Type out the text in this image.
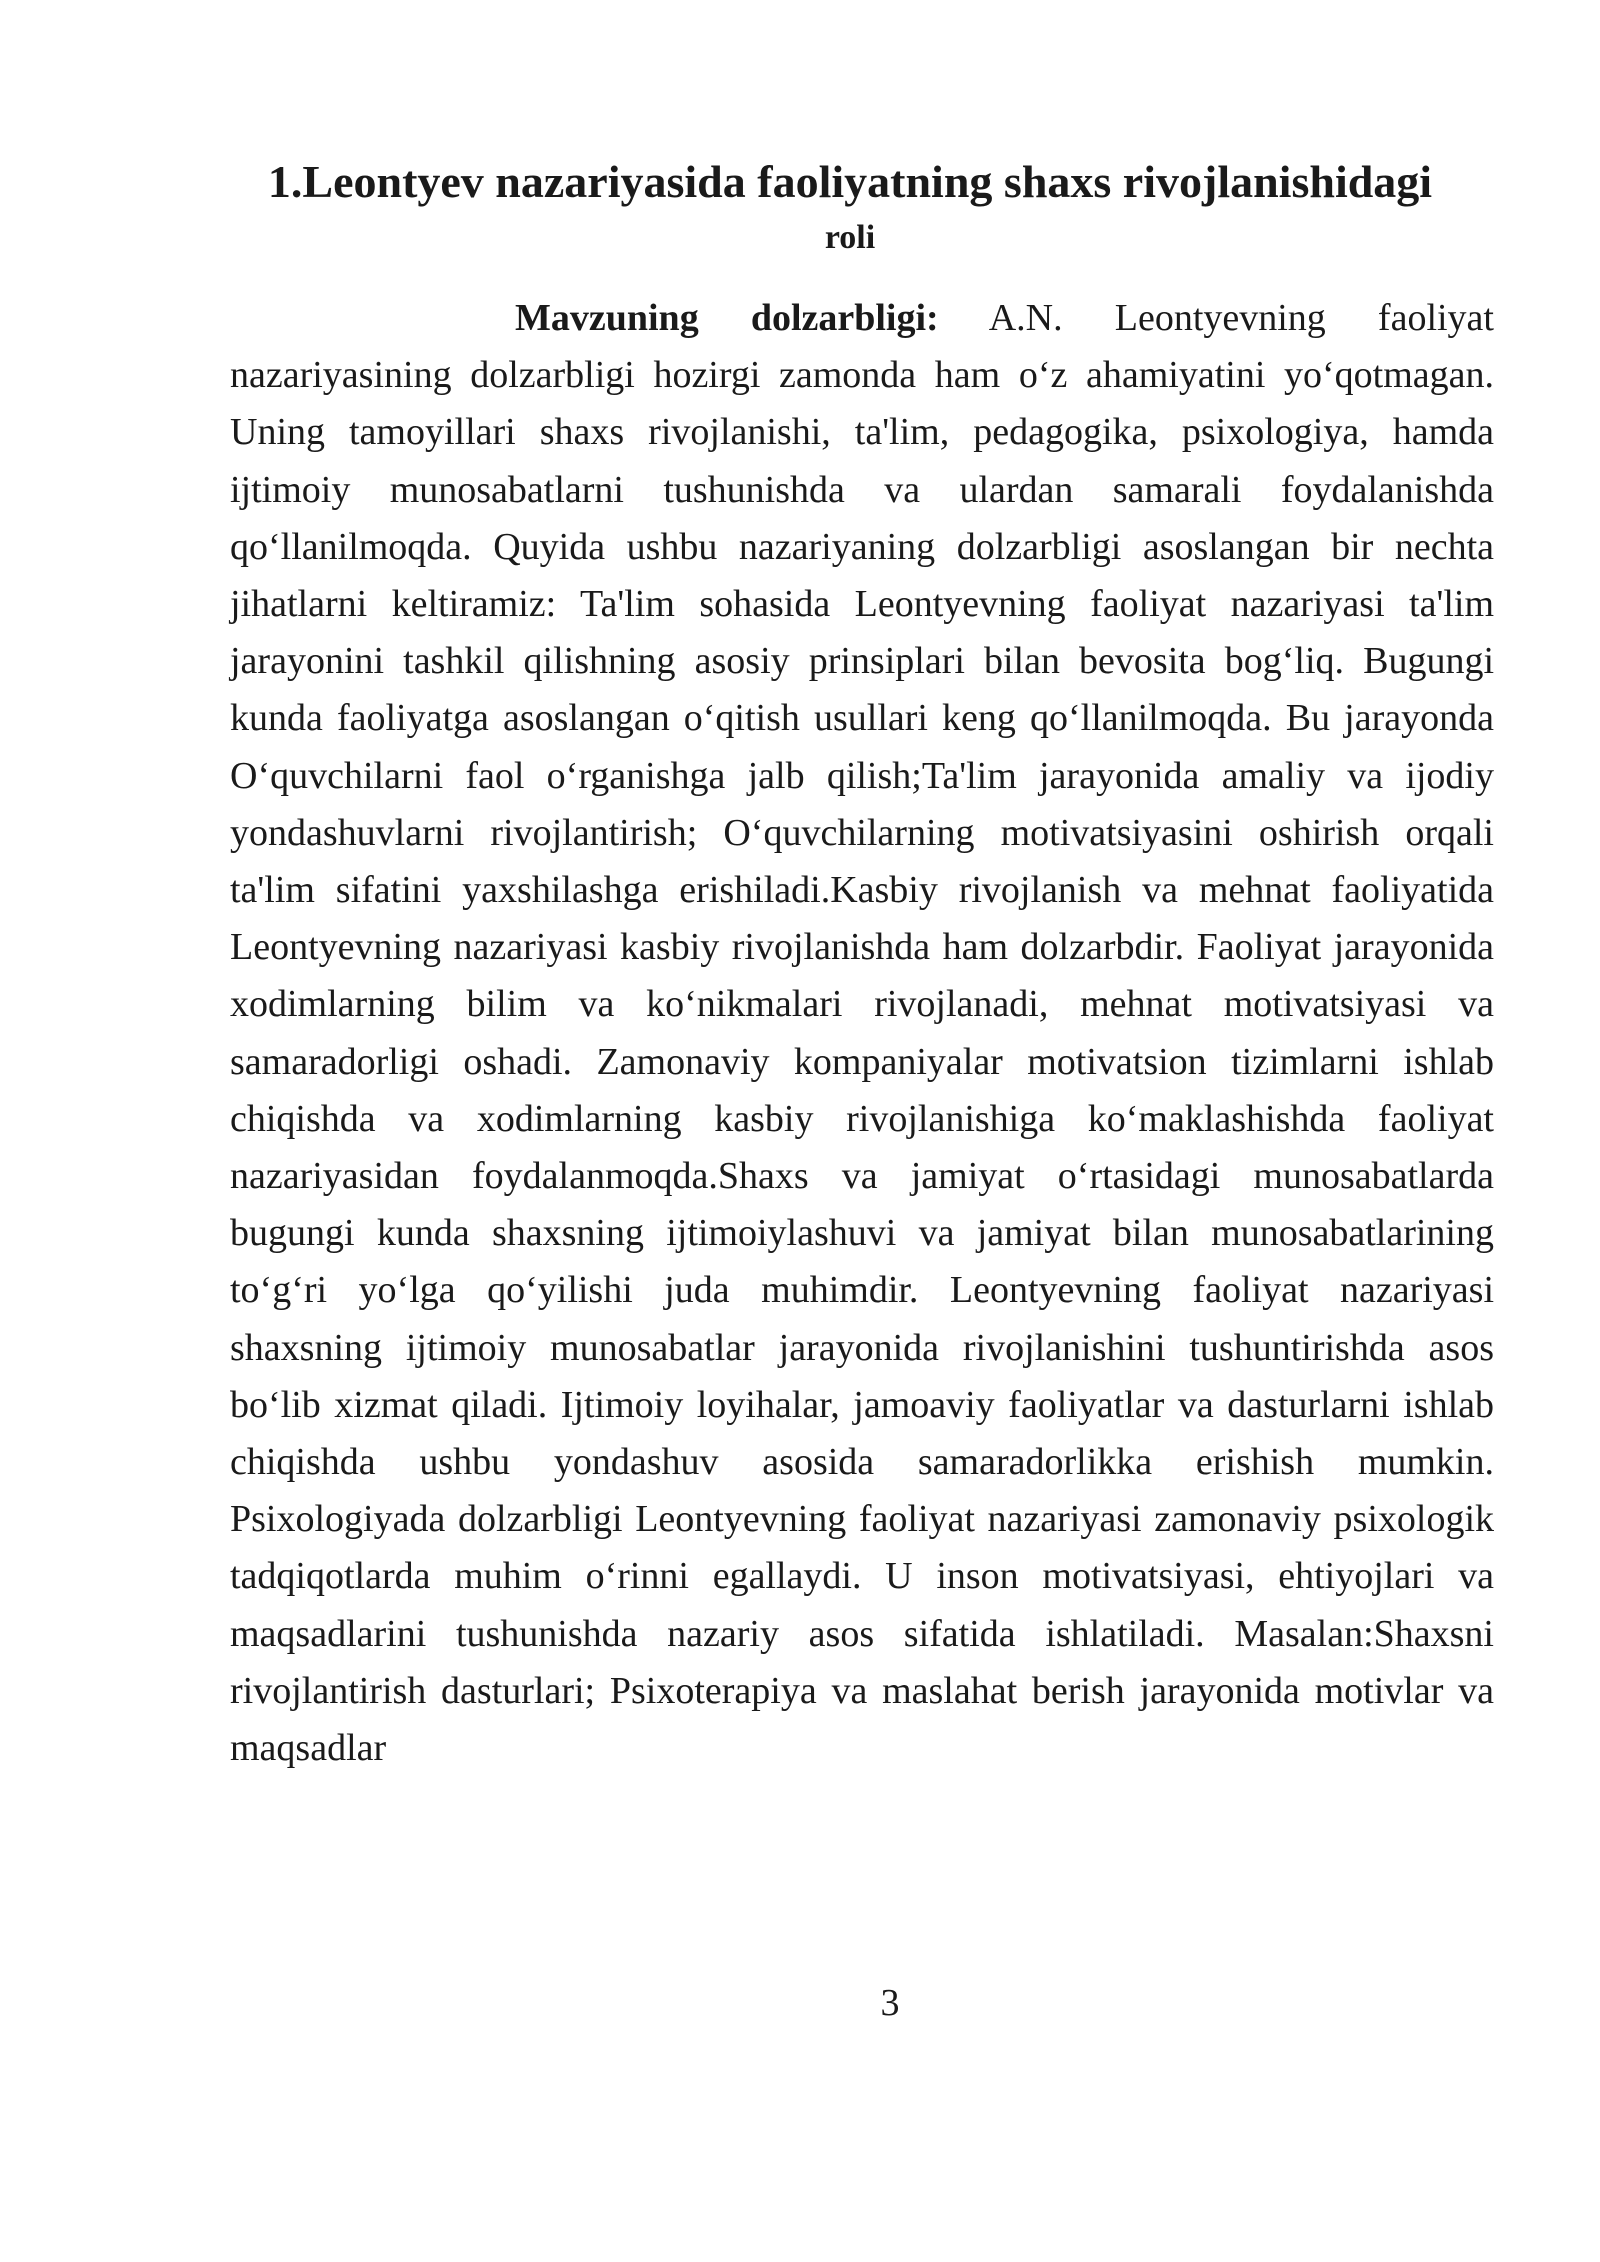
1.Leontyev nazariyasida faoliyatning shaxs rivojlanishidagi
roli

Mavzuning dolzarbligi: A.N. Leontyevning faoliyat nazariyasining dolzarbligi hozirgi zamonda ham o‘z ahamiyatini yo‘qotmagan. Uning tamoyillari shaxs rivojlanishi, ta'lim, pedagogika, psixologiya, hamda ijtimoiy munosabatlarni tushunishda va ulardan samarali foydalanishda qo‘llanilmoqda. Quyida ushbu nazariyaning dolzarbligi asoslangan bir nechta jihatlarni keltiramiz: Ta'lim sohasida Leontyevning faoliyat nazariyasi ta'lim jarayonini tashkil qilishning asosiy prinsiplari bilan bevosita bog‘liq. Bugungi kunda faoliyatga asoslangan o‘qitish usullari keng qo‘llanilmoqda. Bu jarayonda O‘quvchilarni faol o‘rganishga jalb qilish;Ta'lim jarayonida amaliy va ijodiy yondashuvlarni rivojlantirish; O‘quvchilarning motivatsiyasini oshirish orqali ta'lim sifatini yaxshilashga erishiladi.Kasbiy rivojlanish va mehnat faoliyatida Leontyevning nazariyasi kasbiy rivojlanishda ham dolzarbdir. Faoliyat jarayonida xodimlarning bilim va ko‘nikmalari rivojlanadi, mehnat motivatsiyasi va samaradorligi oshadi. Zamonaviy kompaniyalar motivatsion tizimlarni ishlab chiqishda va xodimlarning kasbiy rivojlanishiga ko‘maklashishda faoliyat nazariyasidan foydalanmoqda.Shaxs va jamiyat o‘rtasidagi munosabatlarda bugungi kunda shaxsning ijtimoiylashuvi va jamiyat bilan munosabatlarining to‘g‘ri yo‘lga qo‘yilishi juda muhimdir. Leontyevning faoliyat nazariyasi shaxsning ijtimoiy munosabatlar jarayonida rivojlanishini tushuntirishda asos bo‘lib xizmat qiladi. Ijtimoiy loyihalar, jamoaviy faoliyatlar va dasturlarni ishlab chiqishda ushbu yondashuv asosida samaradorlikka erishish mumkin. Psixologiyada dolzarbligi Leontyevning faoliyat nazariyasi zamonaviy psixologik tadqiqotlarda muhim o‘rinni egallaydi. U inson motivatsiyasi, ehtiyojlari va maqsadlarini tushunishda nazariy asos sifatida ishlatiladi. Masalan:Shaxsni rivojlantirish dasturlari; Psixoterapiya va maslahat berish jarayonida motivlar va maqsadlar

3
